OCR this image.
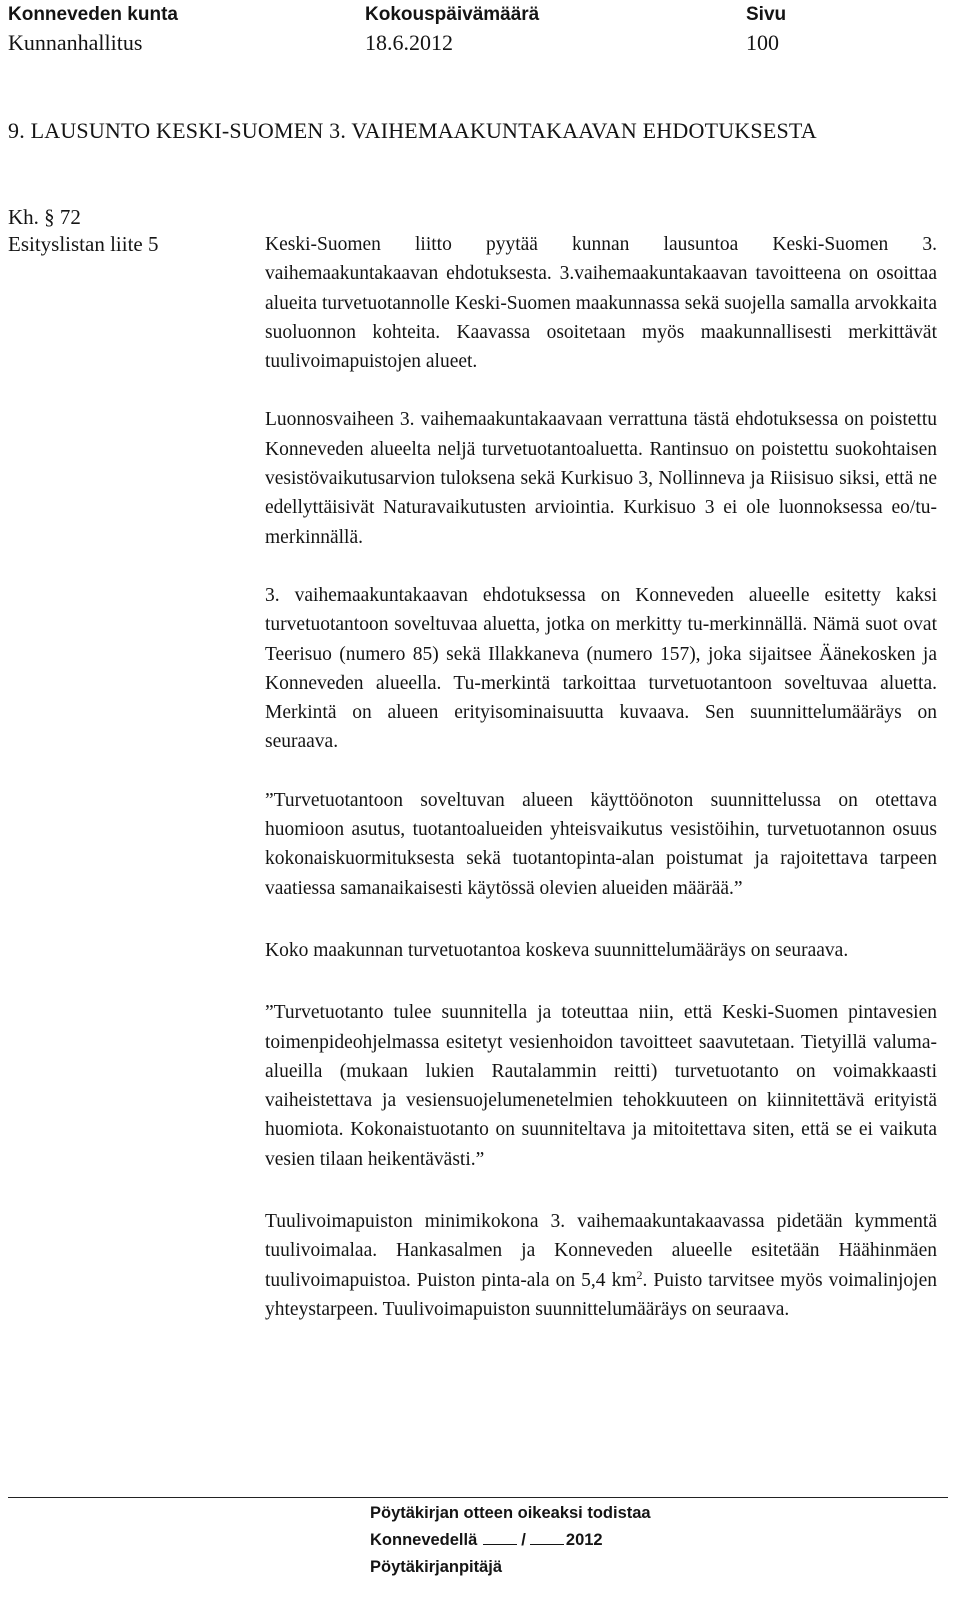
Konneveden kunta
Kunnanhallitus
Kokouspäivämäärä
18.6.2012
Sivu
100
9. LAUSUNTO KESKI-SUOMEN 3. VAIHEMAAKUNTAKAAVAN EHDOTUKSESTA
Kh. § 72
Esityslistan liite 5	Keski-Suomen liitto pyytää kunnan lausuntoa Keski-Suomen 3. vaihemaakuntakaavan ehdotuksesta. 3.vaihemaakuntakaavan tavoitteena on osoittaa alueita turvetuotannolle Keski-Suomen maakunnassa sekä suojella samalla arvokkaita suoluonnon kohteita. Kaavassa osoitetaan myös maakunnallisesti merkittävät tuulivoimapuistojen alueet.

Luonnosvaiheen 3. vaihemaakuntakaavaan verrattuna tästä ehdotuksessa on poistettu Konneveden alueelta neljä turvetuotantoaluetta. Rantinsuo on poistettu suokohtaisen vesistövaikutusarvion tuloksena sekä Kurkisuo 3, Nollinneva ja Riisisuo siksi, että ne edellyttäisivät Naturavaikutusten arviointia. Kurkisuo 3 ei ole luonnoksessa eo/tu-merkinnällä.

3. vaihemaakuntakaavan ehdotuksessa on Konneveden alueelle esitetty kaksi turvetuotantoon soveltuvaa aluetta, jotka on merkitty tu-merkinnällä. Nämä suot ovat Teerisuo (numero 85) sekä Illakkaneva (numero 157), joka sijaitsee Äänekosken ja Konneveden alueella. Tu-merkintä tarkoittaa turvetuotantoon soveltuvaa aluetta. Merkintä on alueen erityisominaisuutta kuvaava. Sen suunnittelumääräys on seuraava.

”Turvetuotantoon soveltuvan alueen käyttöönoton suunnittelussa on otettava huomioon asutus, tuotantoalueiden yhteisvaikutus vesistöihin, turvetuotannon osuus kokonaiskuormituksesta sekä tuotantopinta-alan poistumat ja rajoitettava tarpeen vaatiessa samanaikaisesti käytössä olevien alueiden määrää.”

Koko maakunnan turvetuotantoa koskeva suunnittelumääräys on seuraava.

”Turvetuotanto tulee suunnitella ja toteuttaa niin, että Keski-Suomen pintavesien toimenpideohjelmassa esitetyt vesienhoidon tavoitteet saavutetaan. Tietyillä valuma-alueilla (mukaan lukien Rautalammin reitti) turvetuotanto on voimakkaasti vaiheistettava ja vesiensuojelumenetelmien tehokkuuteen on kiinnitettävä erityistä huomiota. Kokonaistuotanto on suunniteltava ja mitoitettava siten, että se ei vaikuta vesien tilaan heikentävästi.”

Tuulivoimapuiston minimikokona 3. vaihemaakuntakaavassa pidetään kymmentä tuulivoimalaa. Hankasalmen ja Konneveden alueelle esitetään Häähinmäen tuulivoimapuistoa. Puiston pinta-ala on 5,4 $km^2$. Puisto tarvitsee myös voimalinjojen yhteystarpeen. Tuulivoimapuiston suunnittelumääräys on seuraava.

Pöytäkirjan otteen oikeaksi todistaa
Konnevedellä	/ 2012
Pöytäkirjanpitäjä
